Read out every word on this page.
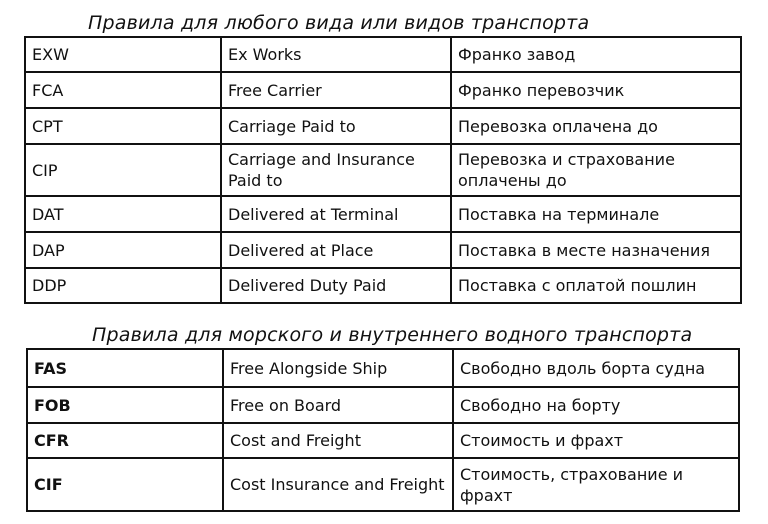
Правила для любого вида или видов транспорта
EXW	Ex Works	Франко завод
FCA	Free Carrier	Франко перевозчик
CPT	Carriage Paid to	Перевозка оплачена до
CIP	Carriage and Insurance Paid to	Перевозка и страхование оплачены до
DAT	Delivered at Terminal	Поставка на терминале
DAP	Delivered at Place	Поставка в месте назначения
DDP	Delivered Duty Paid	Поставка с оплатой пошлин
Правила для морского и внутреннего водного транспорта
FAS	Free Alongside Ship	Свободно вдоль борта судна
FOB	Free on Board	Свободно на борту
CFR	Cost and Freight	Стоимость и фрахт
CIF	Cost Insurance and Freight	Стоимость, страхование и фрахт
